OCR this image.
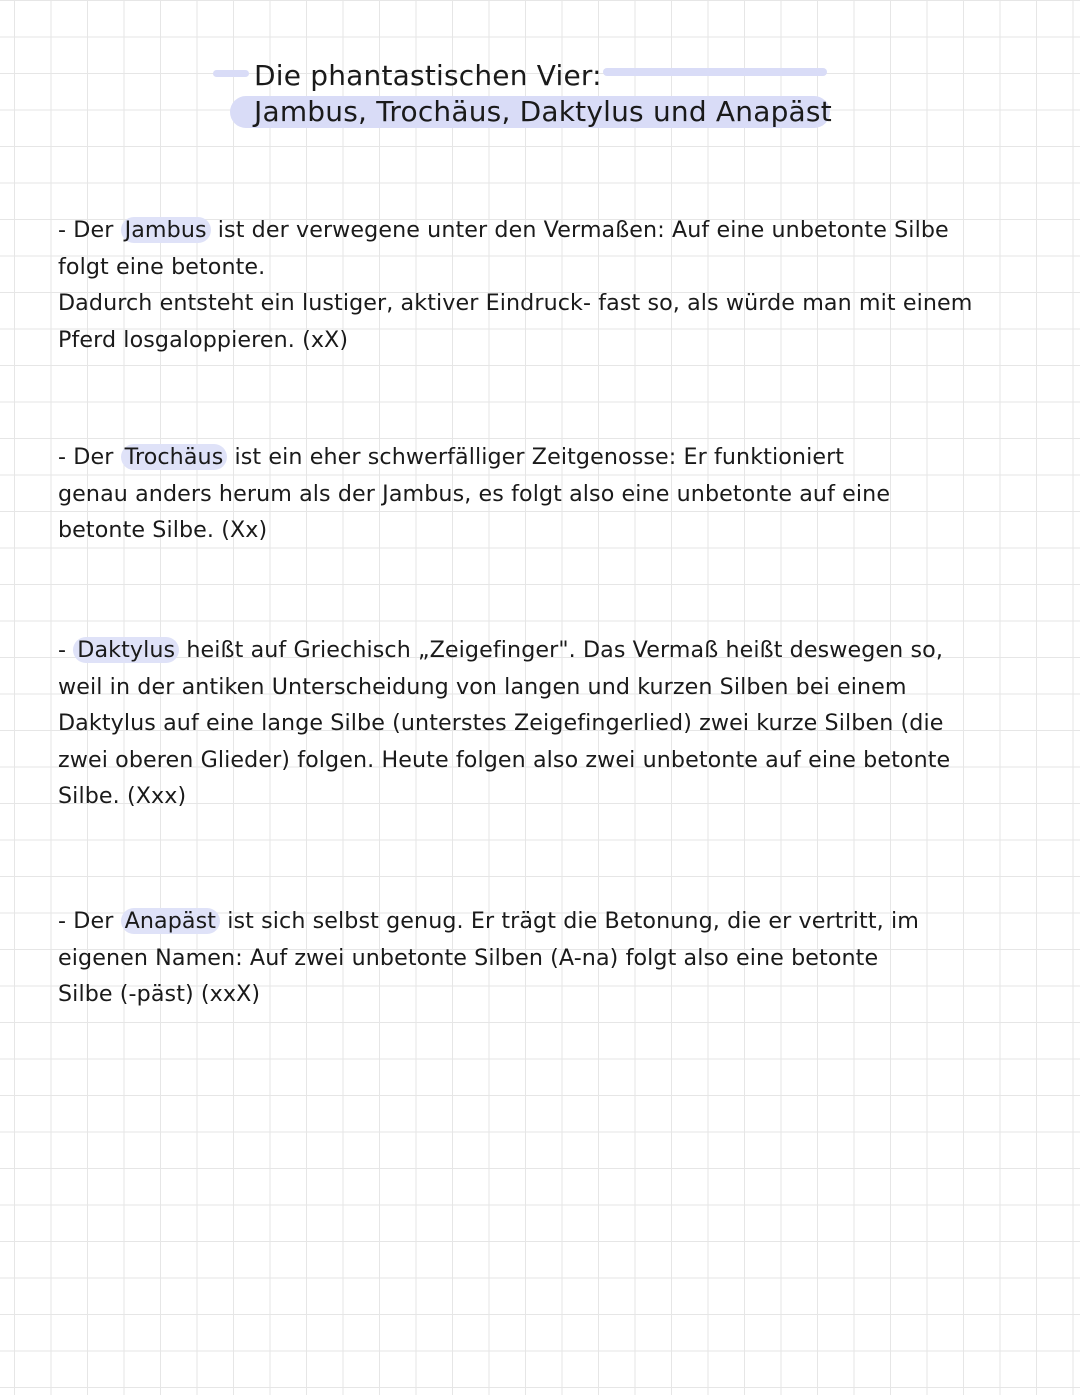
Die phantastischen Vier:
Jambus, Trochäus, Daktylus und Anapäst
- Der Jambus ist der verwegene unter den Vermaßen: Auf eine unbetonte Silbe
folgt eine betonte.
Dadurch entsteht ein lustiger, aktiver Eindruck- fast so, als würde man mit einem
Pferd losgaloppieren. (xX)
- Der Trochäus ist ein eher schwerfälliger Zeitgenosse: Er funktioniert
genau anders herum als der Jambus, es folgt also eine unbetonte auf eine
betonte Silbe. (Xx)
- Daktylus heißt auf Griechisch „Zeigefinger". Das Vermaß heißt deswegen so,
weil in der antiken Unterscheidung von langen und kurzen Silben bei einem
Daktylus auf eine lange Silbe (unterstes Zeigefingerlied) zwei kurze Silben (die
zwei oberen Glieder) folgen. Heute folgen also zwei unbetonte auf eine betonte
Silbe. (Xxx)
- Der Anapäst ist sich selbst genug. Er trägt die Betonung, die er vertritt, im
eigenen Namen: Auf zwei unbetonte Silben (A-na) folgt also eine betonte
Silbe (-päst) (xxX)
